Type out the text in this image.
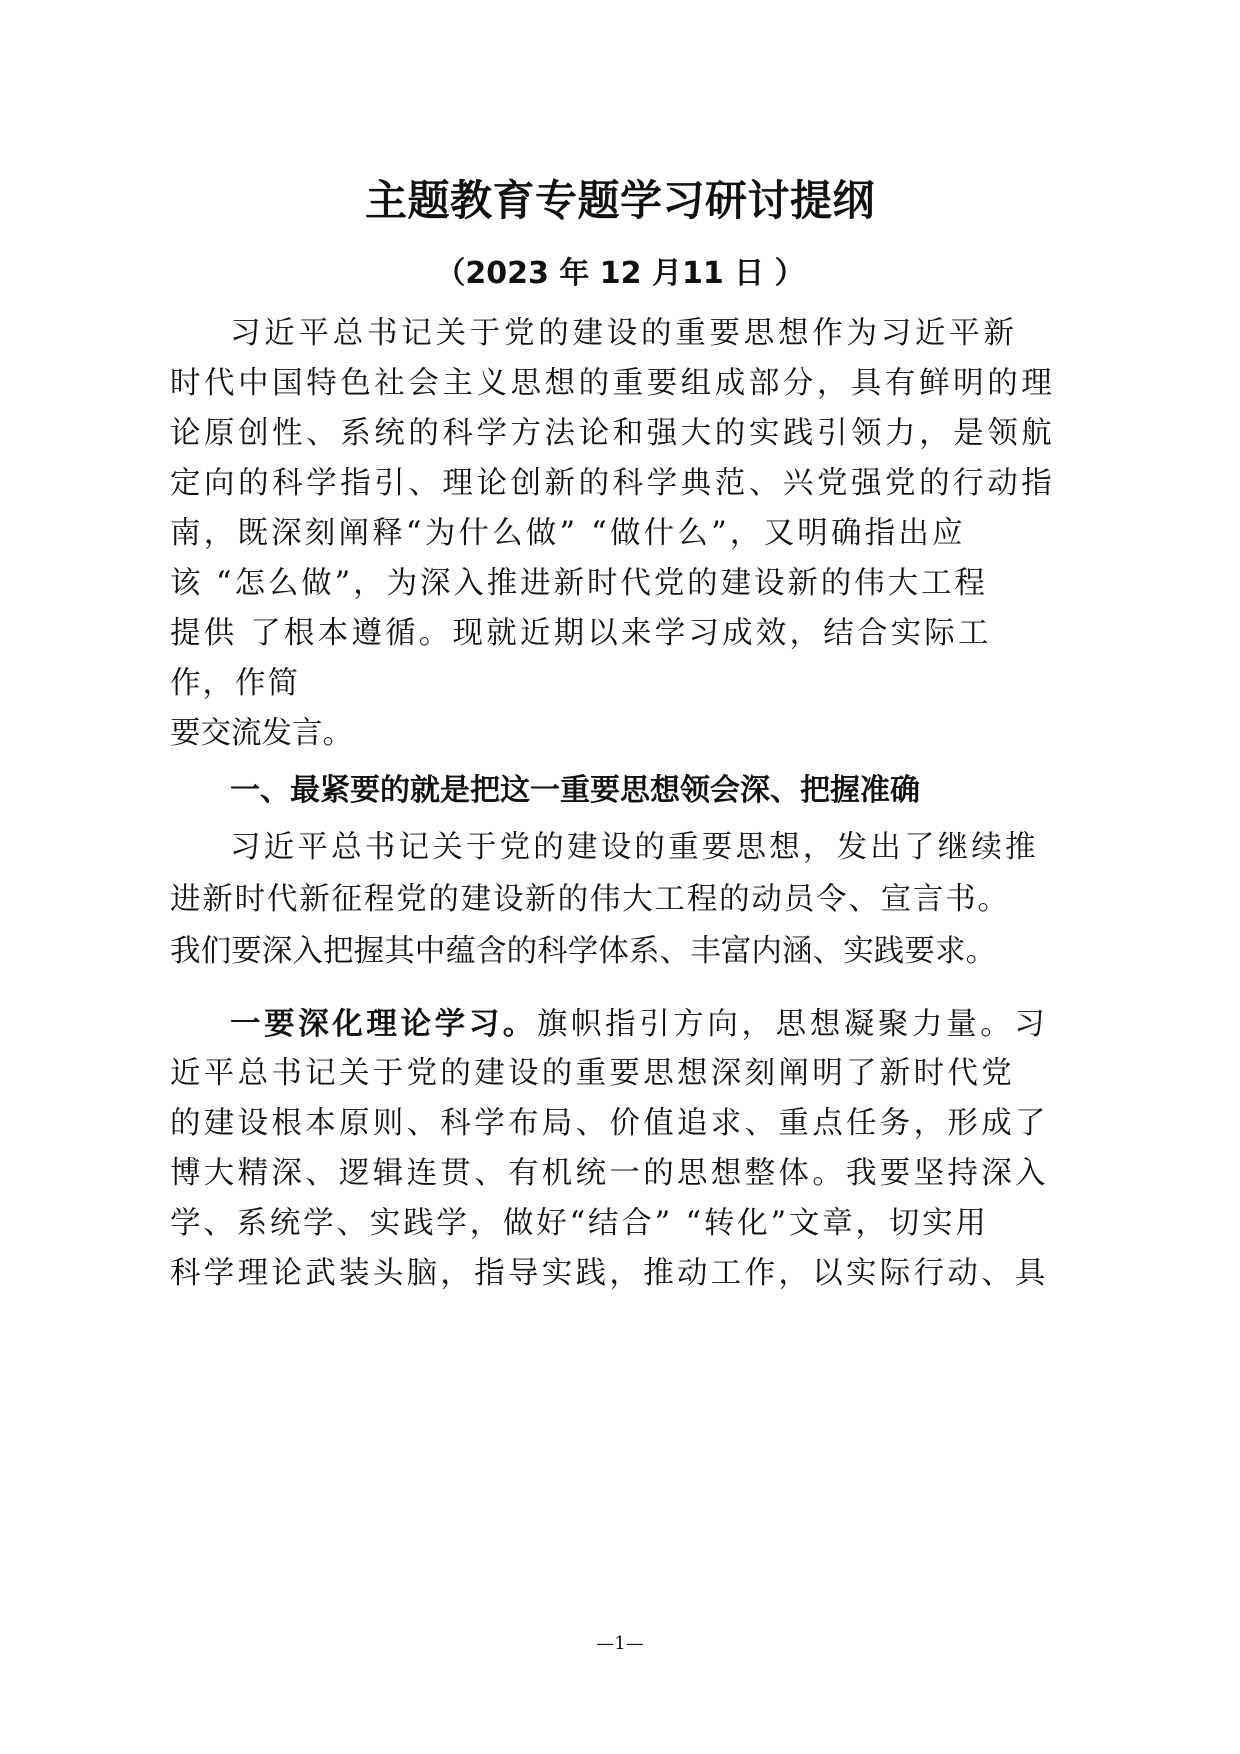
主题教育专题学习研讨提纲
（2023 年 12 月11 日 ）
习近平总书记关于党的建设的重要思想作为习近平新
时代中国特色社会主义思想的重要组成部分，具有鲜明的理
论原创性、系统的科学方法论和强大的实践引领力，是领航
定向的科学指引、理论创新的科学典范、兴党强党的行动指
南，既深刻阐释“为什么做” “做什么”，又明确指出应
该 “怎么做”，为深入推进新时代党的建设新的伟大工程
提供 了根本遵循。现就近期以来学习成效，结合实际工
作，作简
要交流发言。
一、最紧要的就是把这一重要思想领会深、把握准确
习近平总书记关于党的建设的重要思想，发出了继续推
进新时代新征程党的建设新的伟大工程的动员令、宣言书。
我们要深入把握其中蕴含的科学体系、丰富内涵、实践要求。
一要深化理论学习。旗帜指引方向，思想凝聚力量。习
近平总书记关于党的建设的重要思想深刻阐明了新时代党
的建设根本原则、科学布局、价值追求、重点任务，形成了
博大精深、逻辑连贯、有机统一的思想整体。我要坚持深入
学、系统学、实践学，做好“结合” “转化”文章，切实用
科学理论武装头脑，指导实践，推动工作，以实际行动、具
—1—
